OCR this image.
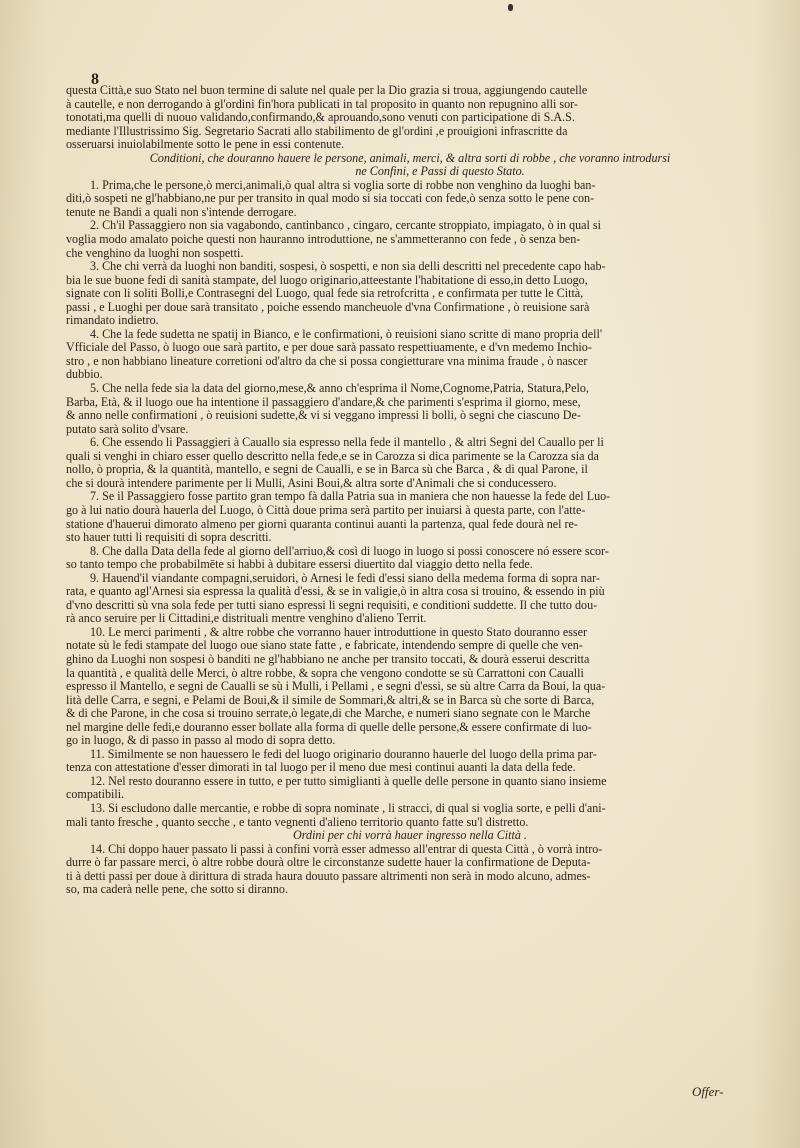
8
questa Città,e suo Stato nel buon termine di salute nel quale per la Dio grazia si troua, aggiungendo cautelle
à cautelle, e non derrogando à gl'ordini fin'hora publicati in tal proposito in quanto non repugnino alli sor-
tonotati,ma quelli di nuouo validando,confirmando,& aprouando,sono venuti con participatione di S.A.S.
mediante l'Illustrissimo Sig. Segretario Sacrati allo stabilimento de gl'ordini ,e prouigioni infrascritte da
osseruarsi inuiolabilmente sotto le pene in essi contenute.
Conditioni, che douranno hauere le persone, animali, merci, & altra sorti di robbe , che voranno introdursi
ne Confini, e Passi di questo Stato.
1. Prima,che le persone,ò merci,animali,ò qual altra si voglia sorte di robbe non venghino da luoghi ban-
diti,ò sospeti ne gl'habbiano,ne pur per transito in qual modo si sia toccati con fede,ò senza sotto le pene con-
tenute ne Bandi a quali non s'intende derrogare.
2. Ch'il Passaggiero non sia vagabondo, cantinbanco , cingaro, cercante stroppiato, impiagato, ò in qual si
voglia modo amalato poiche questi non hauranno introduttione, ne s'ammetteranno con fede , ò senza ben-
che venghino da luoghi non sospetti.
3. Che chi verrà da luoghi non banditi, sospesi, ò sospetti, e non sia delli descritti nel precedente capo hab-
bia le sue buone fedi di sanità stampate, del luogo originario,atteestante l'habitatione di esso,in detto Luogo,
signate con li soliti Bolli,e Contrasegni del Luogo, qual fede sia retrofcritta , e confirmata per tutte le Città,
passi , e Luoghi per doue sarà transitato , poiche essendo mancheuole d'vna Confirmatione , ò reuisione sarà
rimandato indietro.
4. Che la fede sudetta ne spatij in Bianco, e le confirmationi, ò reuisioni siano scritte di mano propria dell'
Vfficiale del Passo, ò luogo oue sarà partito, e per doue sarà passato respettiuamente, e d'vn medemo Inchio-
stro , e non habbiano lineature corretioni od'altro da che si possa congietturare vna minima fraude , ò nascer
dubbio.
5. Che nella fede sia la data del giorno,mese,& anno ch'esprima il Nome,Cognome,Patria, Statura,Pelo,
Barba, Età, & il luogo oue ha intentione il passaggiero d'andare,& che parimenti s'esprima il giorno, mese,
& anno nelle confirmationi , ò reuisioni sudette,& vi si veggano impressi li bolli, ò segni che ciascuno De-
putato sarà solito d'vsare.
6. Che essendo li Passaggieri à Cauallo sia espresso nella fede il mantello , & altri Segni del Cauallo per li
quali si venghi in chiaro esser quello descritto nella fede,e se in Carozza si dica parimente se la Carozza sia da
nollo, ò propria, & la quantità, mantello, e segni de Caualli, e se in Barca sù che Barca , & di qual Parone, il
che si dourà intendere parimente per li Mulli, Asini Boui,& altra sorte d'Animali che si conducessero.
7. Se il Passaggiero fosse partito gran tempo fà dalla Patria sua in maniera che non hauesse la fede del Luo-
go à lui natio dourà hauerla del Luogo, ò Città doue prima serà partito per inuiarsi à questa parte, con l'atte-
statione d'hauerui dimorato almeno per giorni quaranta continui auanti la partenza, qual fede dourà nel re-
sto hauer tutti li requisiti di sopra descritti.
8. Che dalla Data della fede al giorno dell'arriuo,& così di luogo in luogo si possi conoscere nó essere scor-
so tanto tempo che probabilmēte si habbi à dubitare essersi diuertito dal viaggio detto nella fede.
9. Hauend'il viandante compagni,seruidori, ò Arnesi le fedi d'essi siano della medema forma di sopra nar-
rata, e quanto agl'Arnesi sia espressa la qualità d'essi, & se in valigie,ò in altra cosa si trouino, & essendo in più
d'vno descritti sù vna sola fede per tutti siano espressi li segni requisiti, e conditioni suddette. Il che tutto dou-
rà anco seruire per li Cittadini,e distrituali mentre venghino d'alieno Territ.
10. Le merci parimenti , & altre robbe che vorranno hauer introduttione in questo Stato douranno esser
notate sù le fedi stampate del luogo oue siano state fatte , e fabricate, intendendo sempre di quelle che ven-
ghino da Luoghi non sospesi ò banditi ne gl'habbiano ne anche per transito toccati, & dourà esserui descritta
la quantità , e qualità delle Merci, ò altre robbe, & sopra che vengono condotte se sù Carrattoni con Caualli
espresso il Mantello, e segni de Caualli se sù i Mulli, i Pellami , e segni d'essi, se sù altre Carra da Boui, la qua-
lità delle Carra, e segni, e Pelami de Boui,& il simile de Sommari,& altri,& se in Barca sù che sorte di Barca,
& di che Parone, in che cosa si trouino serrate,ò legate,di che Marche, e numeri siano segnate con le Marche
nel margine delle fedi,e douranno esser bollate alla forma di quelle delle persone,& essere confirmate di luo-
go in luogo, & di passo in passo al modo di sopra detto.
11. Similmente se non hauessero le fedi del luogo originario douranno hauerle del luogo della prima par-
tenza con attestatione d'esser dimorati in tal luogo per il meno due mesi continui auanti la data della fede.
12. Nel resto douranno essere in tutto, e per tutto simiglianti à quelle delle persone in quanto siano insieme
compatibili.
13. Si escludono dalle mercantie, e robbe di sopra nominate , li stracci, di qual si voglia sorte, e pelli d'ani-
mali tanto fresche , quanto secche , e tanto vegnenti d'alieno territorio quanto fatte su'l distretto.
Ordini per chi vorrà hauer ingresso nella Città .
14. Chi doppo hauer passato li passi à confini vorrà esser admesso all'entrar di questa Città , ò vorrà intro-
durre ò far passare merci, ò altre robbe dourà oltre le circonstanze sudette hauer la confirmatione de Deputa-
ti à detti passi per doue à dirittura di strada haura douuto passare altrimenti non serà in modo alcuno, admes-
so, ma caderà nelle pene, che sotto si diranno.
Offer-
